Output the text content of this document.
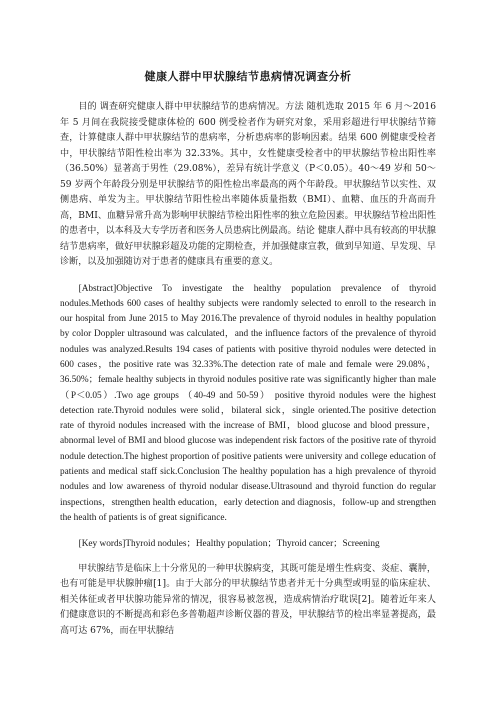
健康人群中甲状腺结节患病情况调查分析

目的 调查研究健康人群中甲状腺结节的患病情况。方法 随机选取 2015 年 6 月～2016 年 5 月间在我院接受健康体检的 600 例受检者作为研究对象，采用彩超进行甲状腺结节筛查，计算健康人群中甲状腺结节的患病率，分析患病率的影响因素。结果 600 例健康受检者中，甲状腺结节阳性检出率为 32.33%。其中，女性健康受检者中的甲状腺结节检出阳性率（36.50%）显著高于男性（29.08%），差异有统计学意义（P＜0.05）。40～49 岁和 50～59 岁两个年龄段分别是甲状腺结节的阳性检出率最高的两个年龄段。甲状腺结节以实性、双侧患病、单发为主。甲状腺结节阳性检出率随体质量指数（BMI）、血糖、血压的升高而升高，BMI、血糖异常升高为影响甲状腺结节检出阳性率的独立危险因素。甲状腺结节检出阳性的患者中，以本科及大专学历者和医务人员患病比例最高。结论 健康人群中具有较高的甲状腺结节患病率，做好甲状腺彩超及功能的定期检查，并加强健康宣教，做到早知道、早发现、早诊断，以及加强随访对于患者的健康具有重要的意义。

[Abstract]Objective To investigate the healthy population prevalence of thyroid nodules.Methods 600 cases of healthy subjects were randomly selected to enroll to the research in our hospital from June 2015 to May 2016.The prevalence of thyroid nodules in healthy population by color Doppler ultrasound was calculated，and the influence factors of the prevalence of thyroid nodules was analyzed.Results 194 cases of patients with positive thyroid nodules were detected in 600 cases，the positive rate was 32.33%.The detection rate of male and female were 29.08%，36.50%；female healthy subjects in thyroid nodules positive rate was significantly higher than male（P＜0.05）.Two age groups （40-49 and 50-59） positive thyroid nodules were the highest detection rate.Thyroid nodules were solid，bilateral sick，single oriented.The positive detection rate of thyroid nodules increased with the increase of BMI，blood glucose and blood pressure，abnormal level of BMI and blood glucose was independent risk factors of the positive rate of thyroid nodule detection.The highest proportion of positive patients were university and college education of patients and medical staff sick.Conclusion The healthy population has a high prevalence of thyroid nodules and low awareness of thyroid nodular disease.Ultrasound and thyroid function do regular inspections，strengthen health education，early detection and diagnosis，follow-up and strengthen the health of patients is of great significance.

[Key words]Thyroid nodules；Healthy population；Thyroid cancer；Screening

甲状腺结节是临床上十分常见的一种甲状腺病变，其既可能是增生性病变、炎症、囊肿，也有可能是甲状腺肿瘤[1]。由于大部分的甲状腺结节患者并无十分典型或明显的临床症状、相关体征或者甲状腺功能异常的情况，很容易被忽视，造成病情治疗耽误[2]。随着近年来人们健康意识的不断提高和彩色多普勒超声诊断仪器的普及，甲状腺结节的检出率显著提高，最高可达 67%，而在甲状腺结
